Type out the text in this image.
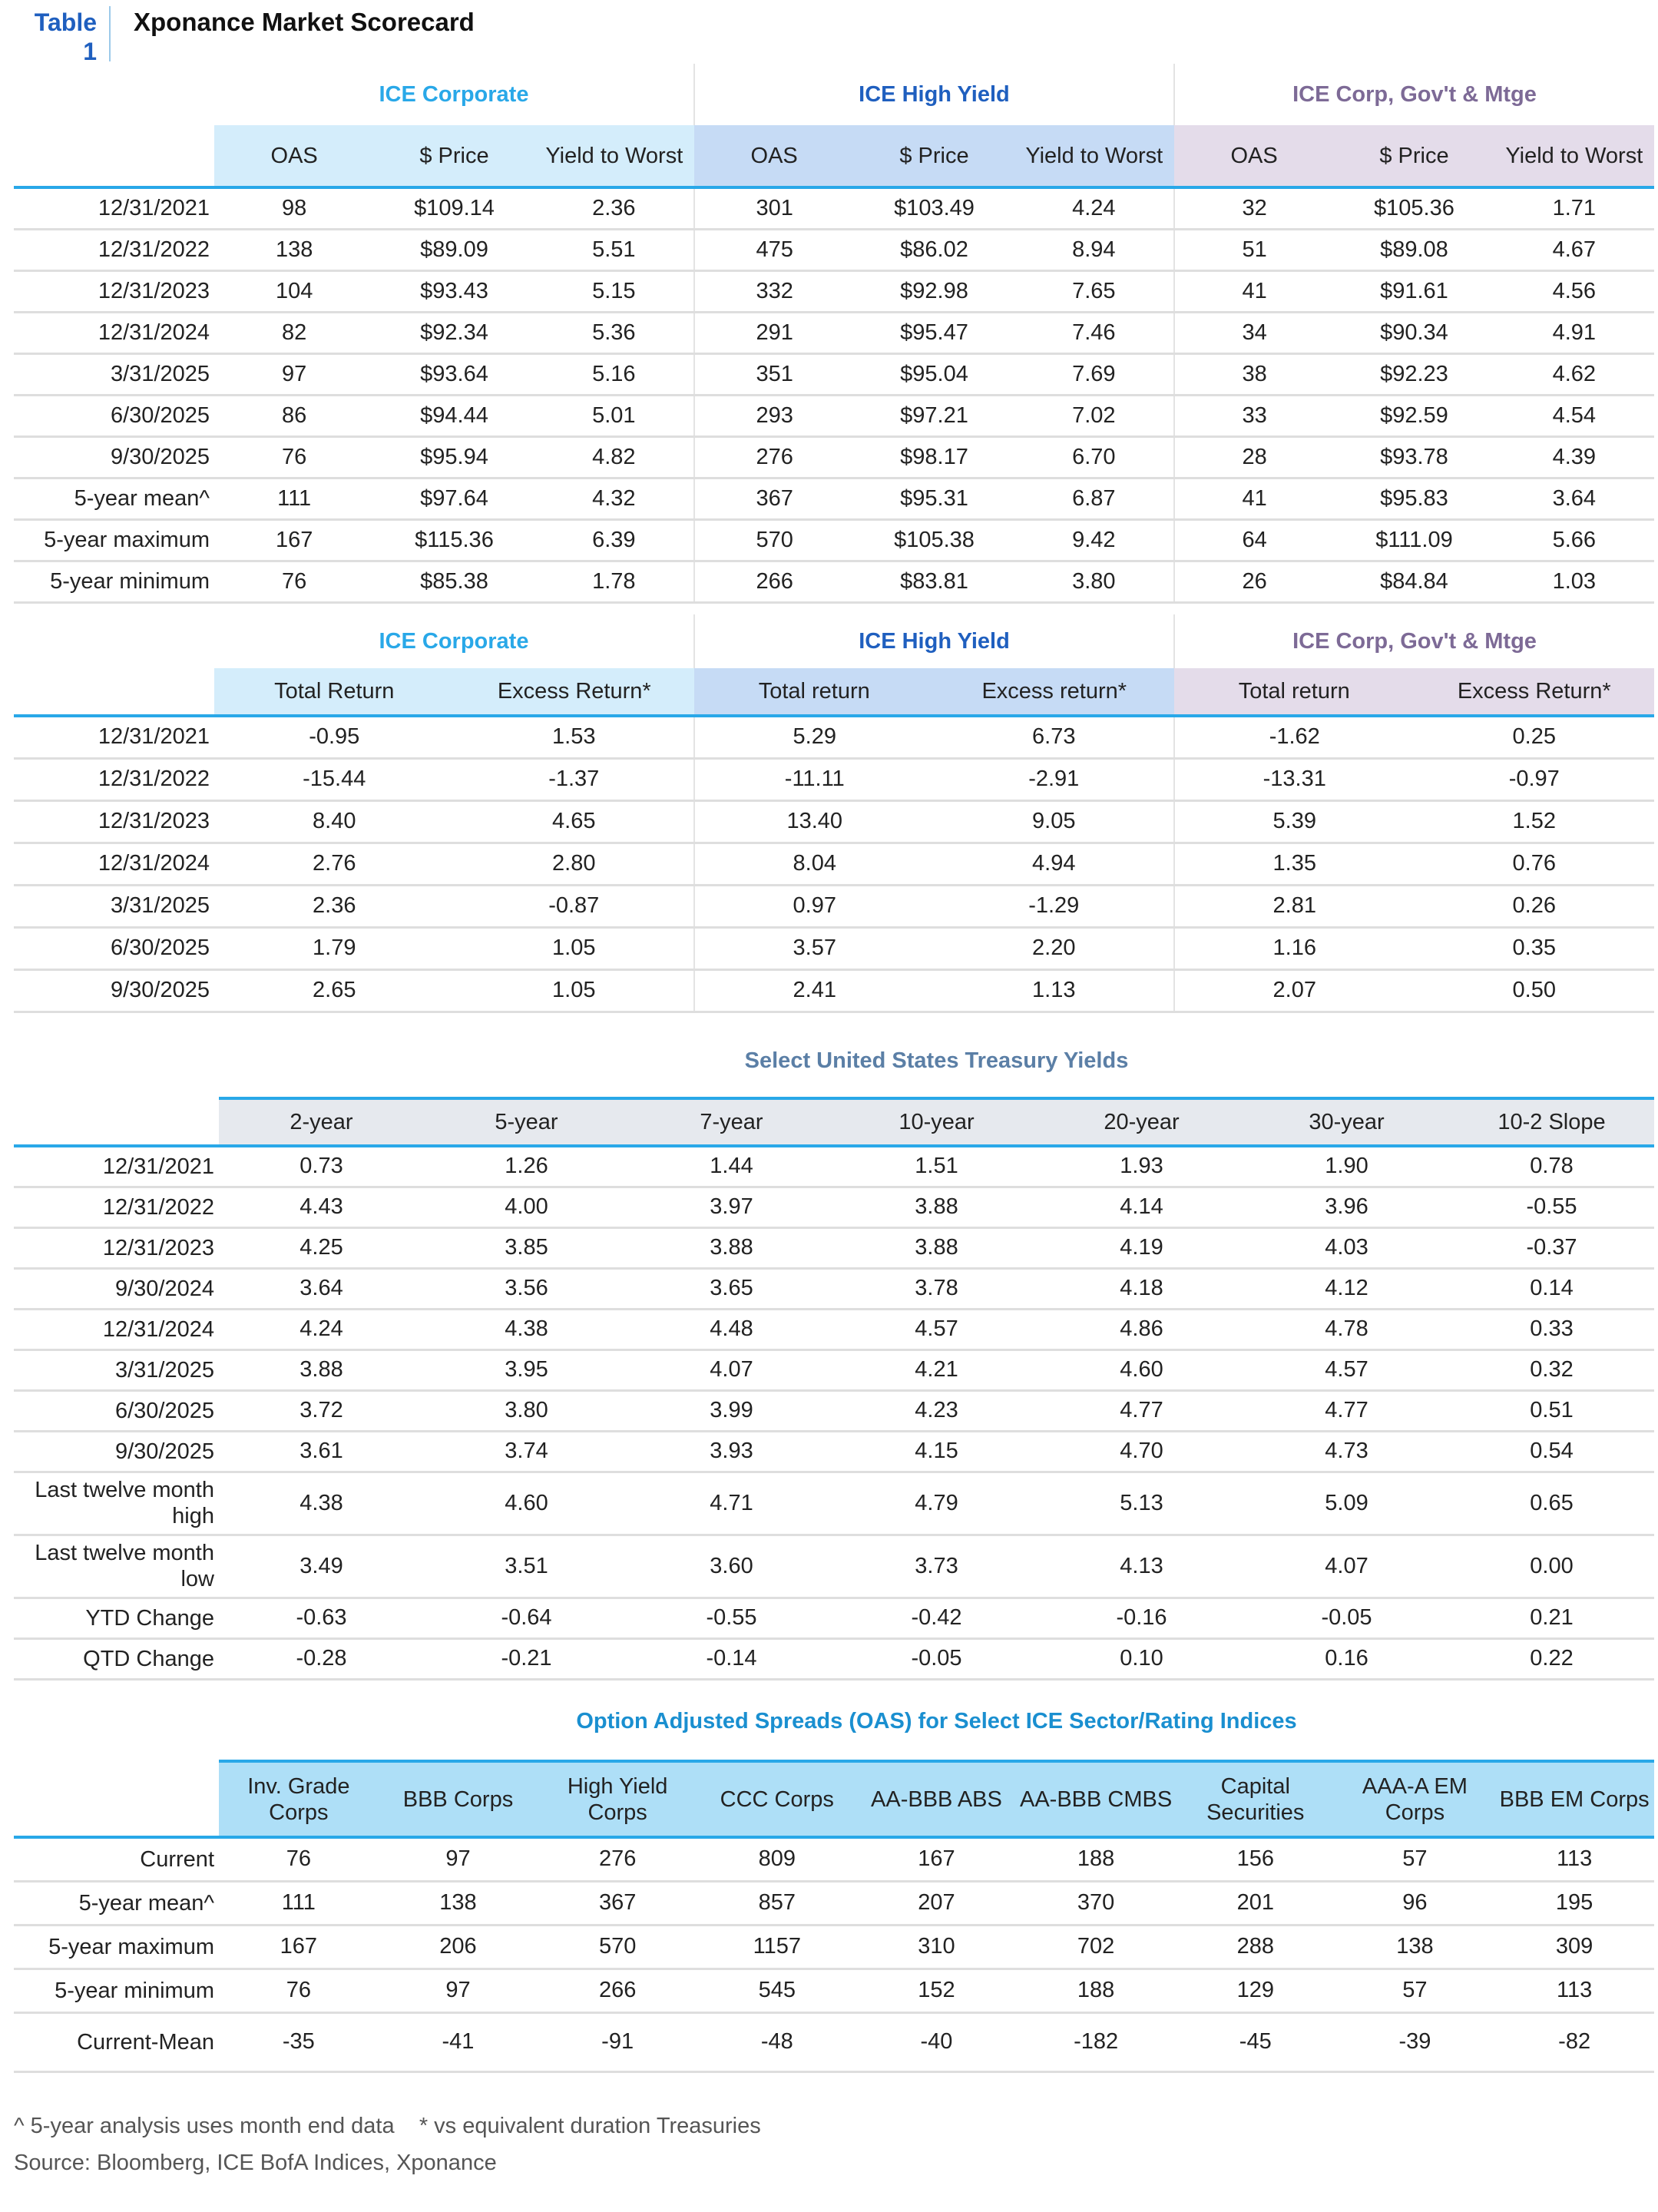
Table 1
Xponance Market Scorecard
	ICE Corporate			ICE High Yield			ICE Corp, Gov't & Mtge		
	OAS	$ Price	Yield to Worst	OAS	$ Price	Yield to Worst	OAS	$ Price	Yield to Worst
12/31/2021	98	$109.14	2.36	301	$103.49	4.24	32	$105.36	1.71
12/31/2022	138	$89.09	5.51	475	$86.02	8.94	51	$89.08	4.67
12/31/2023	104	$93.43	5.15	332	$92.98	7.65	41	$91.61	4.56
12/31/2024	82	$92.34	5.36	291	$95.47	7.46	34	$90.34	4.91
3/31/2025	97	$93.64	5.16	351	$95.04	7.69	38	$92.23	4.62
6/30/2025	86	$94.44	5.01	293	$97.21	7.02	33	$92.59	4.54
9/30/2025	76	$95.94	4.82	276	$98.17	6.70	28	$93.78	4.39
5-year mean^	111	$97.64	4.32	367	$95.31	6.87	41	$95.83	3.64
5-year maximum	167	$115.36	6.39	570	$105.38	9.42	64	$111.09	5.66
5-year minimum	76	$85.38	1.78	266	$83.81	3.80	26	$84.84	1.03
	ICE Corporate		ICE High Yield		ICE Corp, Gov't & Mtge	
	Total Return	Excess Return*	Total return	Excess return*	Total return	Excess Return*
12/31/2021	-0.95	1.53	5.29	6.73	-1.62	0.25
12/31/2022	-15.44	-1.37	-11.11	-2.91	-13.31	-0.97
12/31/2023	8.40	4.65	13.40	9.05	5.39	1.52
12/31/2024	2.76	2.80	8.04	4.94	1.35	0.76
3/31/2025	2.36	-0.87	0.97	-1.29	2.81	0.26
6/30/2025	1.79	1.05	3.57	2.20	1.16	0.35
9/30/2025	2.65	1.05	2.41	1.13	2.07	0.50
	Select United States Treasury Yields						
	2-year	5-year	7-year	10-year	20-year	30-year	10-2 Slope
12/31/2021	0.73	1.26	1.44	1.51	1.93	1.90	0.78
12/31/2022	4.43	4.00	3.97	3.88	4.14	3.96	-0.55
12/31/2023	4.25	3.85	3.88	3.88	4.19	4.03	-0.37
9/30/2024	3.64	3.56	3.65	3.78	4.18	4.12	0.14
12/31/2024	4.24	4.38	4.48	4.57	4.86	4.78	0.33
3/31/2025	3.88	3.95	4.07	4.21	4.60	4.57	0.32
6/30/2025	3.72	3.80	3.99	4.23	4.77	4.77	0.51
9/30/2025	3.61	3.74	3.93	4.15	4.70	4.73	0.54
Last twelve month high	4.38	4.60	4.71	4.79	5.13	5.09	0.65
Last twelve month low	3.49	3.51	3.60	3.73	4.13	4.07	0.00
YTD Change	-0.63	-0.64	-0.55	-0.42	-0.16	-0.05	0.21
QTD Change	-0.28	-0.21	-0.14	-0.05	0.10	0.16	0.22
	Option Adjusted Spreads (OAS) for Select ICE Sector/Rating Indices								
	Inv. Grade Corps	BBB Corps	High Yield Corps	CCC Corps	AA-BBB ABS	AA-BBB CMBS	Capital Securities	AAA-A EM Corps	BBB EM Corps
Current	76	97	276	809	167	188	156	57	113
5-year mean^	111	138	367	857	207	370	201	96	195
5-year maximum	167	206	570	1157	310	702	288	138	309
5-year minimum	76	97	266	545	152	188	129	57	113
Current-Mean	-35	-41	-91	-48	-40	-182	-45	-39	-82
^ 5-year analysis uses month end data    * vs equivalent duration Treasuries
Source: Bloomberg, ICE BofA Indices, Xponance
